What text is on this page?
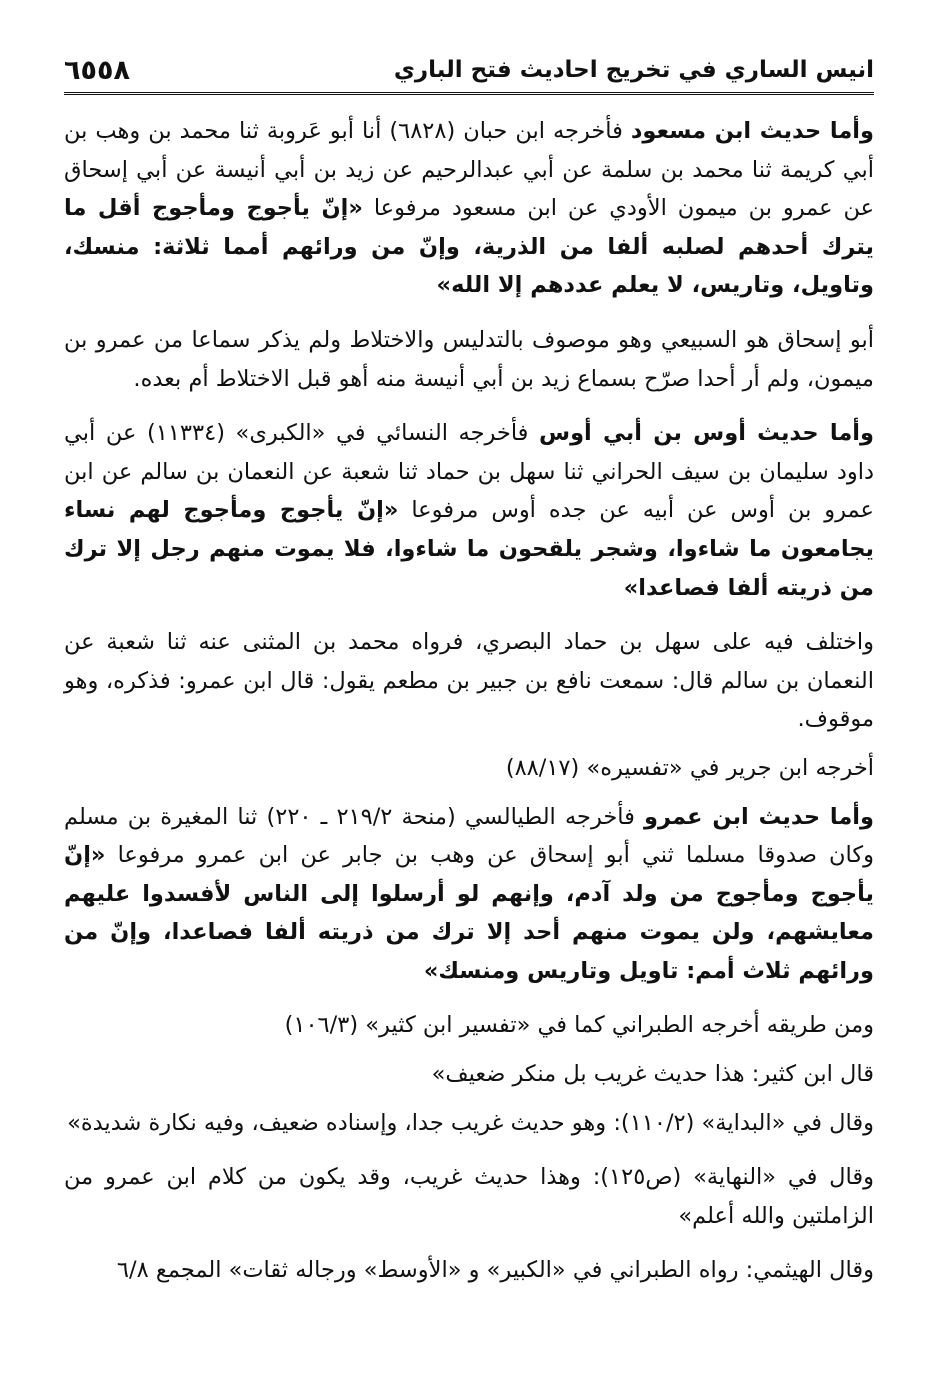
٦٥٥٨	انيس الساري في تخريج احاديث فتح الباري

وأما حديث ابن مسعود فأخرجه ابن حبان (٦٨٢٨) أنا أبو عَروبة ثنا محمد بن وهب بن أبي كريمة ثنا محمد بن سلمة عن أبي عبدالرحيم عن زيد بن أبي أنيسة عن أبي إسحاق عن عمرو بن ميمون الأودي عن ابن مسعود مرفوعا «إنّ يأجوج ومأجوج أقل ما يترك أحدهم لصلبه ألفا من الذرية، وإنّ من ورائهم أمما ثلاثة: منسك، وتاويل، وتاريس، لا يعلم عددهم إلا الله»

أبو إسحاق هو السبيعي وهو موصوف بالتدليس والاختلاط ولم يذكر سماعا من عمرو بن ميمون، ولم أر أحدا صرّح بسماع زيد بن أبي أنيسة منه أهو قبل الاختلاط أم بعده.

وأما حديث أوس بن أبي أوس فأخرجه النسائي في «الكبرى» (١١٣٣٤) عن أبي داود سليمان بن سيف الحراني ثنا سهل بن حماد ثنا شعبة عن النعمان بن سالم عن ابن عمرو بن أوس عن أبيه عن جده أوس مرفوعا «إنّ يأجوج ومأجوج لهم نساء يجامعون ما شاءوا، وشجر يلقحون ما شاءوا، فلا يموت منهم رجل إلا ترك من ذريته ألفا فصاعدا»

واختلف فيه على سهل بن حماد البصري، فرواه محمد بن المثنى عنه ثنا شعبة عن النعمان بن سالم قال: سمعت نافع بن جبير بن مطعم يقول: قال ابن عمرو: فذكره، وهو موقوف.

أخرجه ابن جرير في «تفسيره» (٨٨/١٧)

وأما حديث ابن عمرو فأخرجه الطيالسي (منحة ٢١٩/٢ ـ ٢٢٠) ثنا المغيرة بن مسلم وكان صدوقا مسلما ثني أبو إسحاق عن وهب بن جابر عن ابن عمرو مرفوعا «إنّ يأجوج ومأجوج من ولد آدم، وإنهم لو أرسلوا إلى الناس لأفسدوا عليهم معايشهم، ولن يموت منهم أحد إلا ترك من ذريته ألفا فصاعدا، وإنّ من ورائهم ثلاث أمم: تاويل وتاريس ومنسك»

ومن طريقه أخرجه الطبراني كما في «تفسير ابن كثير» (١٠٦/٣)

قال ابن كثير: هذا حديث غريب بل منكر ضعيف»

وقال في «البداية» (١١٠/٢): وهو حديث غريب جدا، وإسناده ضعيف، وفيه نكارة شديدة»

وقال في «النهاية» (ص١٢٥): وهذا حديث غريب، وقد يكون من كلام ابن عمرو من الزاملتين والله أعلم»

وقال الهيثمي: رواه الطبراني في «الكبير» و «الأوسط» ورجاله ثقات» المجمع ٦/٨
